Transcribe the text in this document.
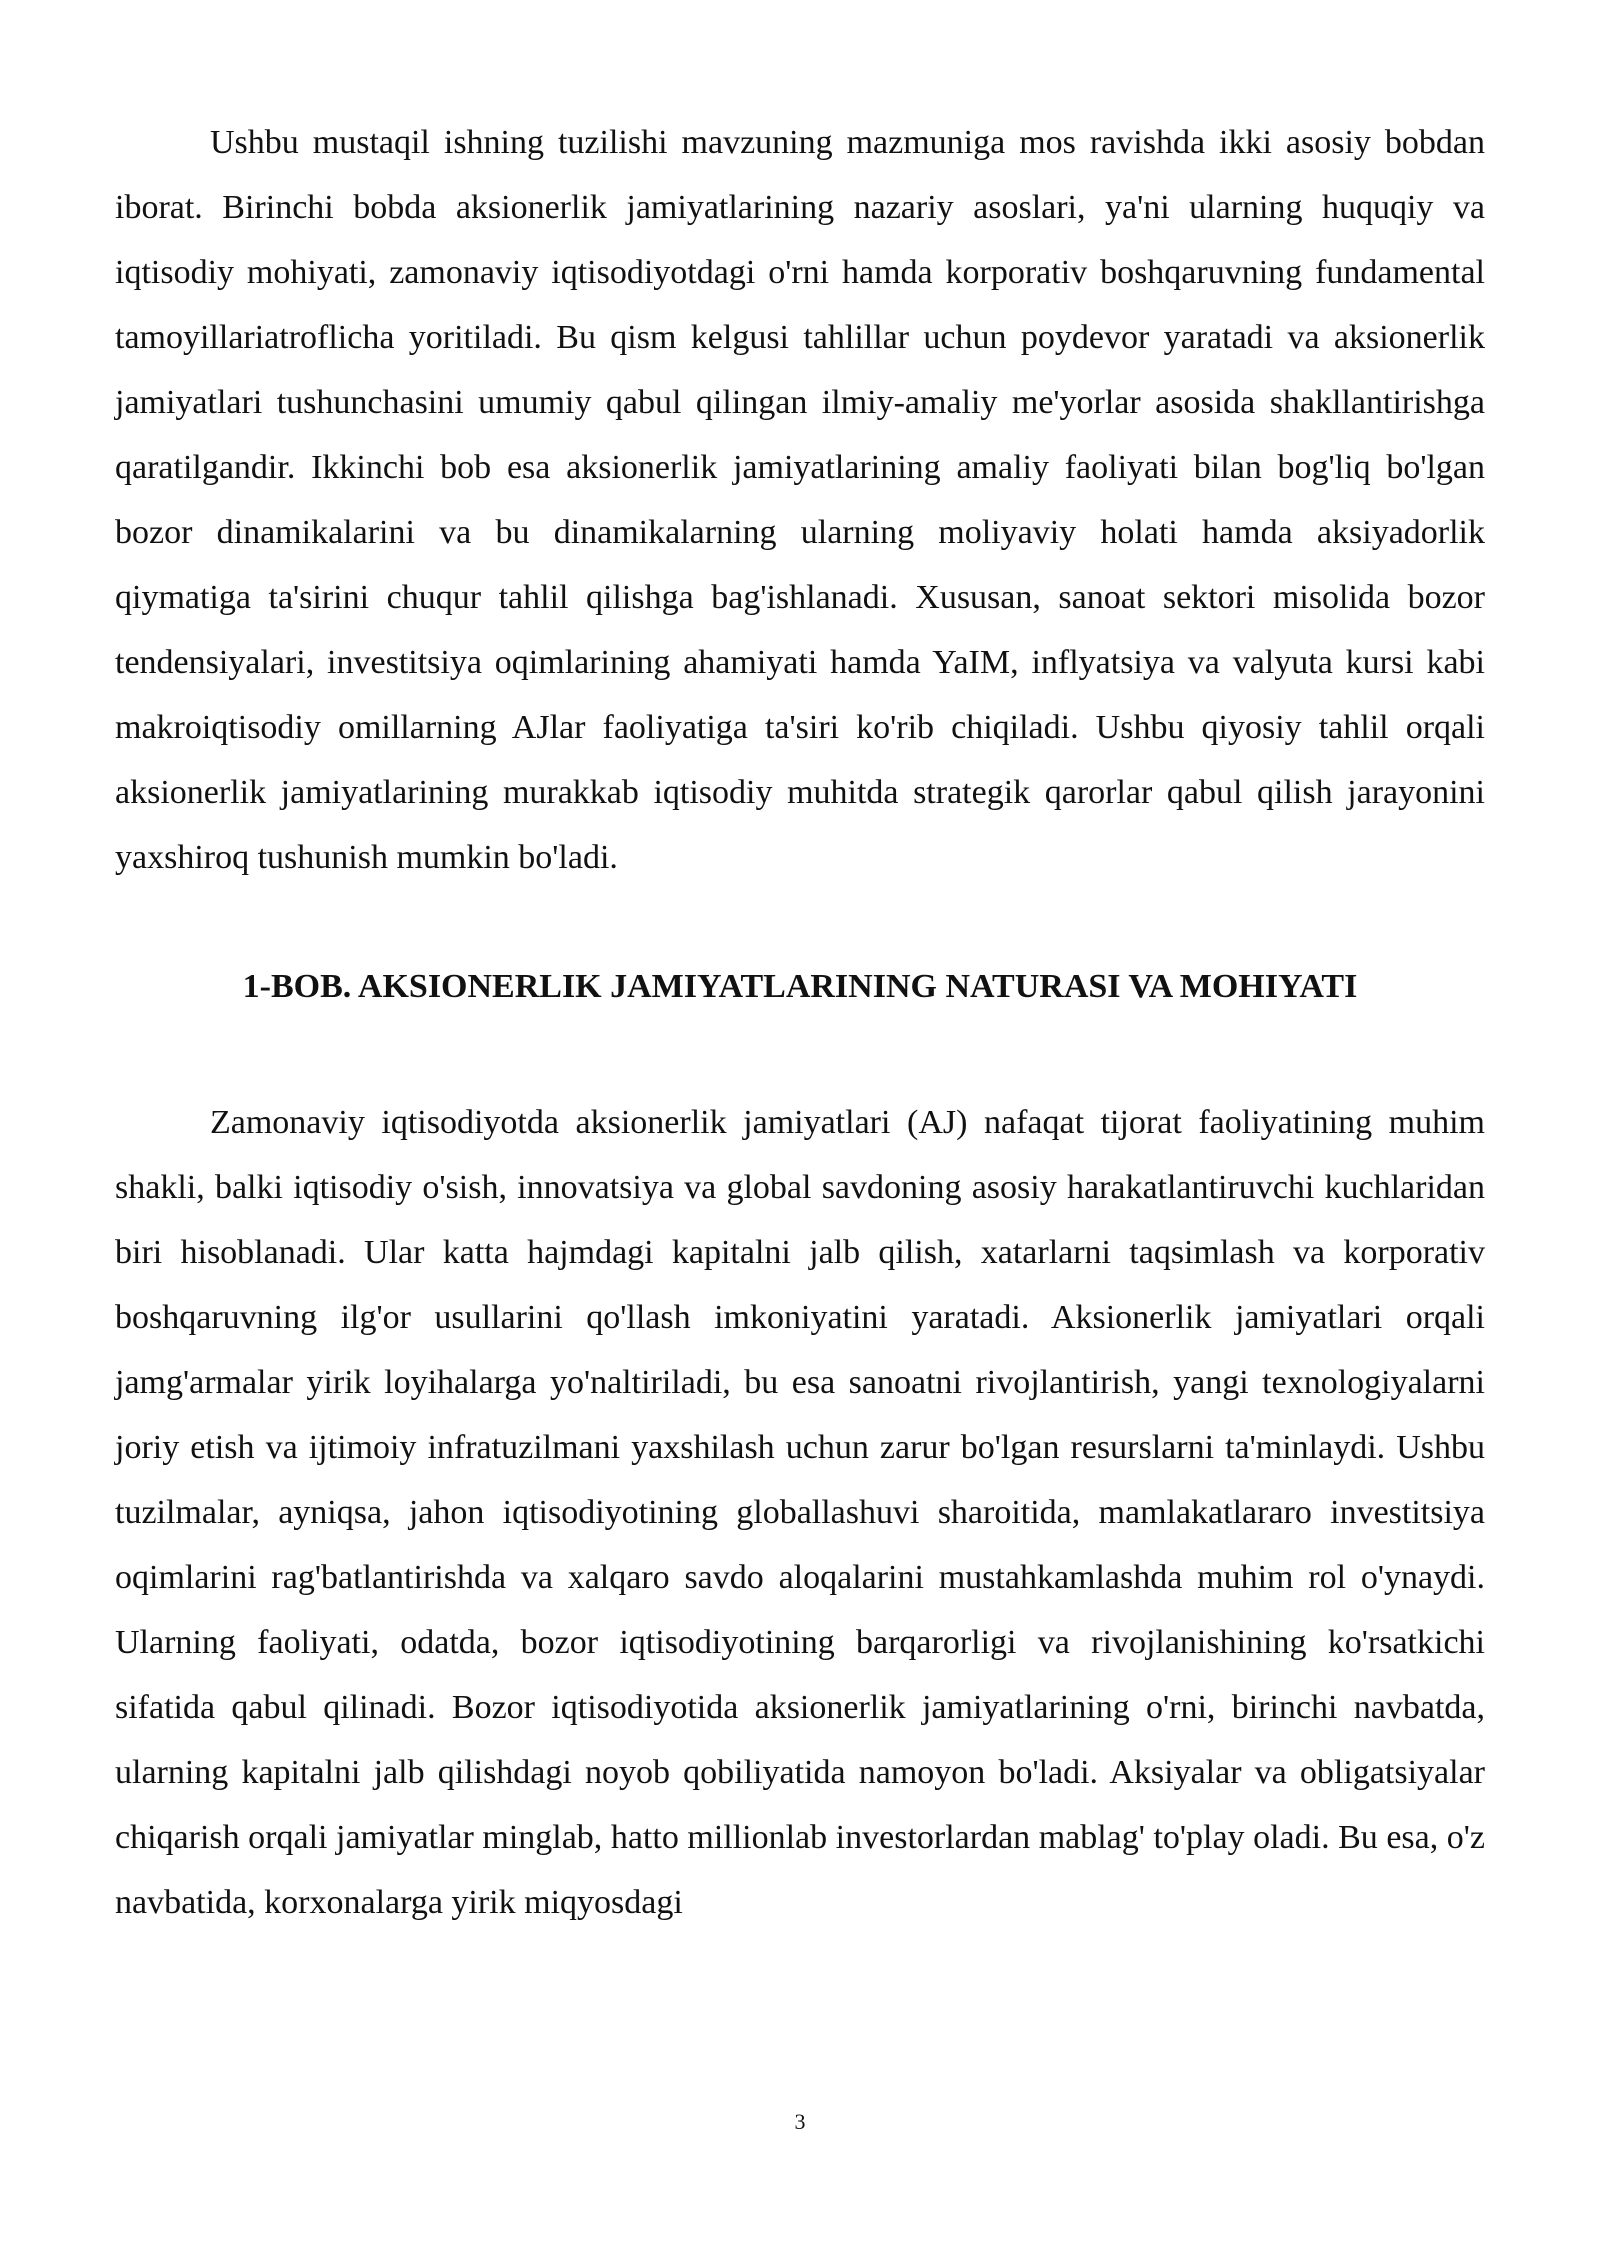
Ushbu mustaqil ishning tuzilishi mavzuning mazmuniga mos ravishda ikki asosiy bobdan iborat. Birinchi bobda aksionerlik jamiyatlarining nazariy asoslari, ya'ni ularning huquqiy va iqtisodiy mohiyati, zamonaviy iqtisodiyotdagi o'rni hamda korporativ boshqaruvning fundamental tamoyillariatroflicha yoritiladi. Bu qism kelgusi tahlillar uchun poydevor yaratadi va aksionerlik jamiyatlari tushunchasini umumiy qabul qilingan ilmiy-amaliy me'yorlar asosida shakllantirishga qaratilgandir. Ikkinchi bob esa aksionerlik jamiyatlarining amaliy faoliyati bilan bog'liq bo'lgan bozor dinamikalarini va bu dinamikalarning ularning moliyaviy holati hamda aksiyadorlik qiymatiga ta'sirini chuqur tahlil qilishga bag'ishlanadi. Xususan, sanoat sektori misolida bozor tendensiyalari, investitsiya oqimlarining ahamiyati hamda YaIM, inflyatsiya va valyuta kursi kabi makroiqtisodiy omillarning AJlar faoliyatiga ta'siri ko'rib chiqiladi. Ushbu qiyosiy tahlil orqali aksionerlik jamiyatlarining murakkab iqtisodiy muhitda strategik qarorlar qabul qilish jarayonini yaxshiroq tushunish mumkin bo'ladi.

1-BOB. AKSIONERLIK JAMIYATLARINING NATURASI VA MOHIYATI

Zamonaviy iqtisodiyotda aksionerlik jamiyatlari (AJ) nafaqat tijorat faoliyatining muhim shakli, balki iqtisodiy o'sish, innovatsiya va global savdoning asosiy harakatlantiruvchi kuchlaridan biri hisoblanadi. Ular katta hajmdagi kapitalni jalb qilish, xatarlarni taqsimlash va korporativ boshqaruvning ilg'or usullarini qo'llash imkoniyatini yaratadi. Aksionerlik jamiyatlari orqali jamg'armalar yirik loyihalarga yo'naltiriladi, bu esa sanoatni rivojlantirish, yangi texnologiyalarni joriy etish va ijtimoiy infratuzilmani yaxshilash uchun zarur bo'lgan resurslarni ta'minlaydi. Ushbu tuzilmalar, ayniqsa, jahon iqtisodiyotining globallashuvi sharoitida, mamlakatlararo investitsiya oqimlarini rag'batlantirishda va xalqaro savdo aloqalarini mustahkamlashda muhim rol o'ynaydi. Ularning faoliyati, odatda, bozor iqtisodiyotining barqarorligi va rivojlanishining ko'rsatkichi sifatida qabul qilinadi. Bozor iqtisodiyotida aksionerlik jamiyatlarining o'rni, birinchi navbatda, ularning kapitalni jalb qilishdagi noyob qobiliyatida namoyon bo'ladi. Aksiyalar va obligatsiyalar chiqarish orqali jamiyatlar minglab, hatto millionlab investorlardan mablag' to'play oladi. Bu esa, o'z navbatida, korxonalarga yirik miqyosdagi

3
